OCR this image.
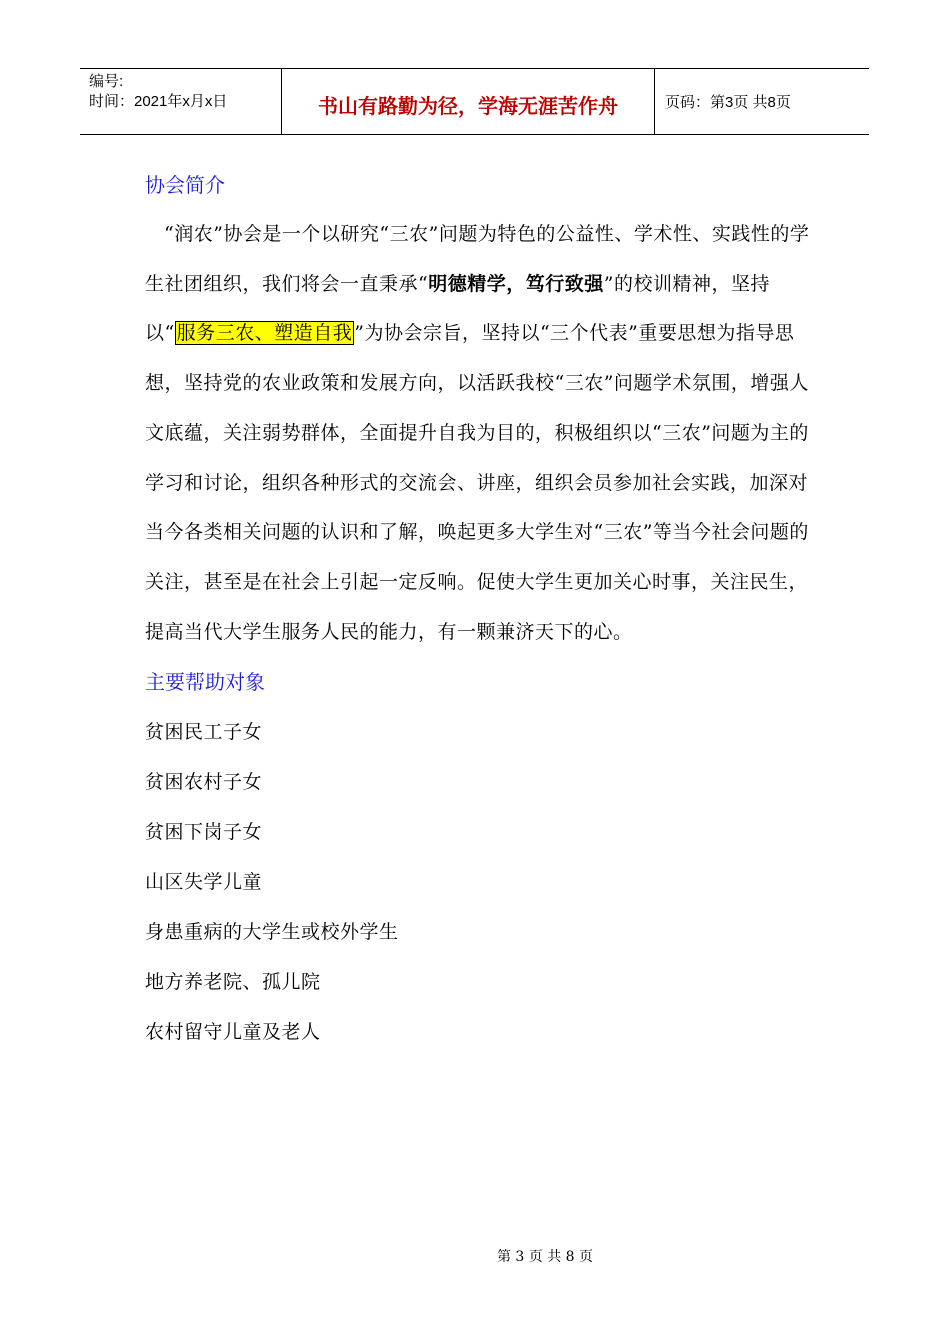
编号:
时间：2021年x月x日	书山有路勤为径，学海无涯苦作舟	页码：第3页 共8页
协会简介

“润农”协会是一个以研究“三农”问题为特色的公益性、学术性、实践性的学生社团组织，我们将会一直秉承“明德精学，笃行致强”的校训精神，坚持以“ 服务三农、塑造自我 ”为协会宗旨，坚持以“三个代表”重要思想为指导思想，坚持党的农业政策和发展方向，以活跃我校“三农”问题学术氛围，增强人文底蕴，关注弱势群体，全面提升自我为目的，积极组织以“三农”问题为主的学习和讨论，组织各种形式的交流会、讲座，组织会员参加社会实践，加深对当今各类相关问题的认识和了解，唤起更多大学生对“三农”等当今社会问题的关注，甚至是在社会上引起一定反响。促使大学生更加关心时事，关注民生，提高当代大学生服务人民的能力，有一颗兼济天下的心。

主要帮助对象
贫困民工子女
贫困农村子女
贫困下岗子女
山区失学儿童
身患重病的大学生或校外学生
地方养老院、孤儿院
农村留守儿童及老人
第 3 页 共 8 页
